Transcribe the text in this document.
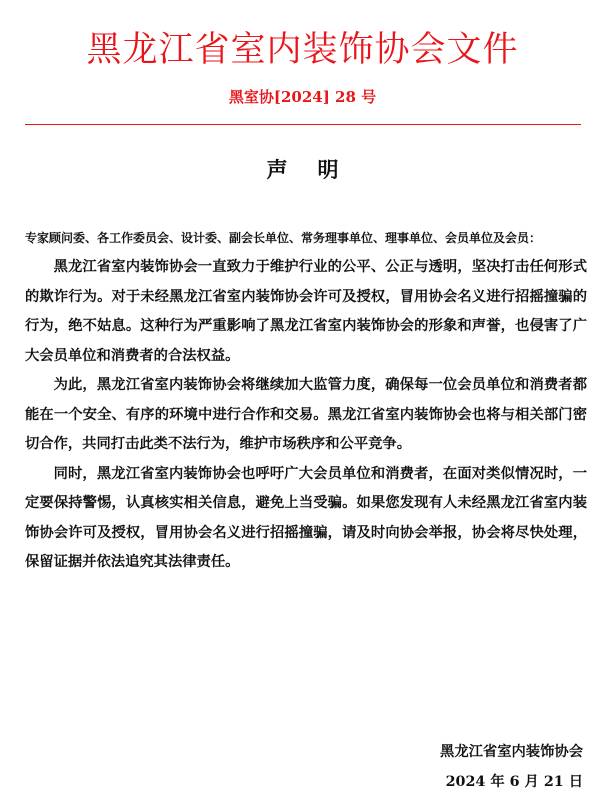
黑龙江省室内装饰协会文件
黑室协[2024] 28 号
声明
专家顾问委、各工作委员会、设计委、副会长单位、常务理事单位、理事单位、会员单位及会员：

黑龙江省室内装饰协会一直致力于维护行业的公平、公正与透明，坚决打击任何形式的欺诈行为。对于未经黑龙江省室内装饰协会许可及授权，冒用协会名义进行招摇撞骗的行为，绝不姑息。这种行为严重影响了黑龙江省室内装饰协会的形象和声誉，也侵害了广大会员单位和消费者的合法权益。

为此，黑龙江省室内装饰协会将继续加大监管力度，确保每一位会员单位和消费者都能在一个安全、有序的环境中进行合作和交易。黑龙江省室内装饰协会也将与相关部门密切合作，共同打击此类不法行为，维护市场秩序和公平竞争。

同时，黑龙江省室内装饰协会也呼吁广大会员单位和消费者，在面对类似情况时，一定要保持警惕，认真核实相关信息，避免上当受骗。如果您发现有人未经黑龙江省室内装饰协会许可及授权，冒用协会名义进行招摇撞骗，请及时向协会举报，协会将尽快处理，保留证据并依法追究其法律责任。

黑龙江省室内装饰协会
2024 年 6 月 21 日
